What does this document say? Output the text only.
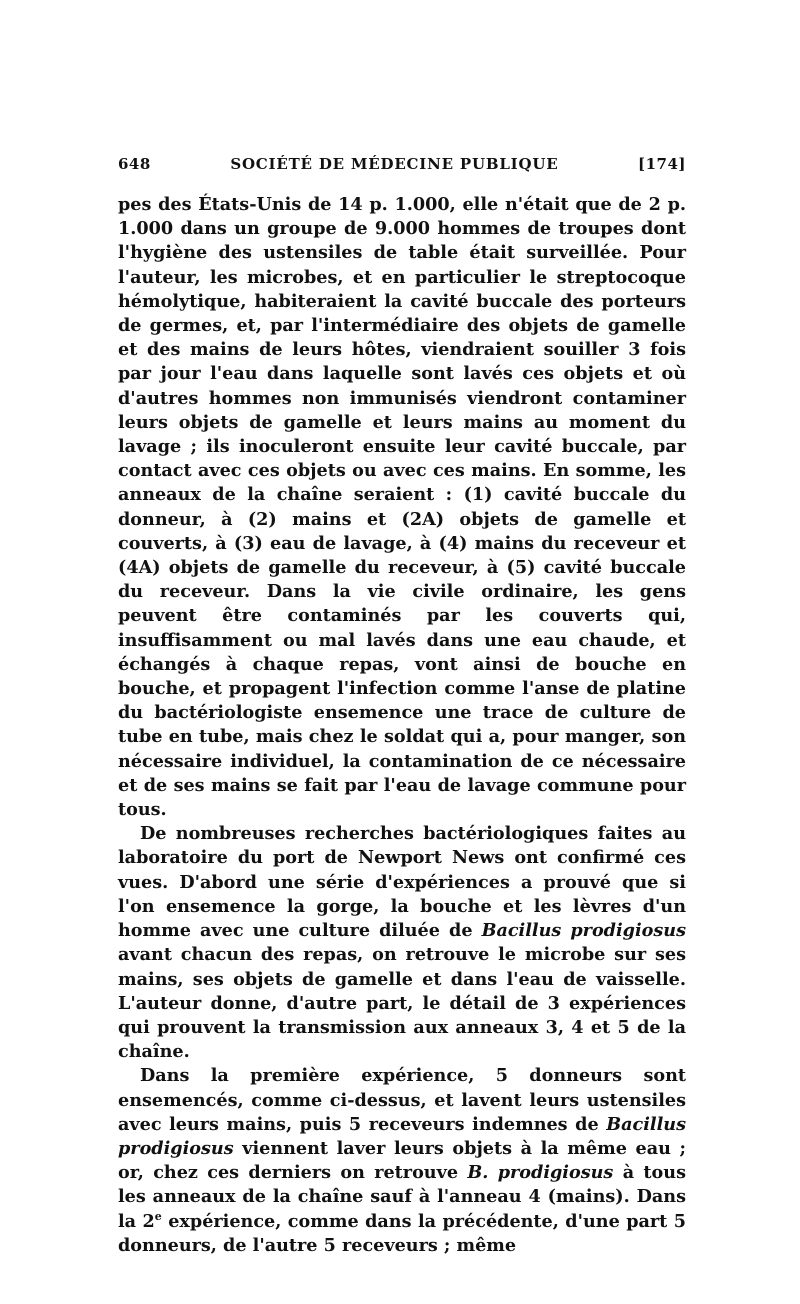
648	SOCIÉTÉ DE MÉDECINE PUBLIQUE	[174]

pes des États-Unis de 14 p. 1.000, elle n'était que de 2 p. 1.000 dans un groupe de 9.000 hommes de troupes dont l'hygiène des ustensiles de table était surveillée. Pour l'auteur, les microbes, et en particulier le streptocoque hémolytique, habiteraient la cavité buccale des porteurs de germes, et, par l'intermédiaire des objets de gamelle et des mains de leurs hôtes, viendraient souiller 3 fois par jour l'eau dans laquelle sont lavés ces objets et où d'autres hommes non immunisés viendront contaminer leurs objets de gamelle et leurs mains au moment du lavage ; ils inoculeront ensuite leur cavité buccale, par contact avec ces objets ou avec ces mains. En somme, les anneaux de la chaîne seraient : (1) cavité buccale du donneur, à (2) mains et (2A) objets de gamelle et couverts, à (3) eau de lavage, à (4) mains du receveur et (4A) objets de gamelle du receveur, à (5) cavité buccale du receveur. Dans la vie civile ordinaire, les gens peuvent être contaminés par les couverts qui, insuffisamment ou mal lavés dans une eau chaude, et échangés à chaque repas, vont ainsi de bouche en bouche, et propagent l'infection comme l'anse de platine du bactériologiste ensemence une trace de culture de tube en tube, mais chez le soldat qui a, pour manger, son nécessaire individuel, la contamination de ce nécessaire et de ses mains se fait par l'eau de lavage commune pour tous.

De nombreuses recherches bactériologiques faites au laboratoire du port de Newport News ont confirmé ces vues. D'abord une série d'expériences a prouvé que si l'on ensemence la gorge, la bouche et les lèvres d'un homme avec une culture diluée de Bacillus prodigiosus avant chacun des repas, on retrouve le microbe sur ses mains, ses objets de gamelle et dans l'eau de vaisselle. L'auteur donne, d'autre part, le détail de 3 expériences qui prouvent la transmission aux anneaux 3, 4 et 5 de la chaîne.

Dans la première expérience, 5 donneurs sont ensemencés, comme ci-dessus, et lavent leurs ustensiles avec leurs mains, puis 5 receveurs indemnes de Bacillus prodigiosus viennent laver leurs objets à la même eau ; or, chez ces derniers on retrouve B. prodigiosus à tous les anneaux de la chaîne sauf à l'anneau 4 (mains). Dans la 2e expérience, comme dans la précédente, d'une part 5 donneurs, de l'autre 5 receveurs ; même
